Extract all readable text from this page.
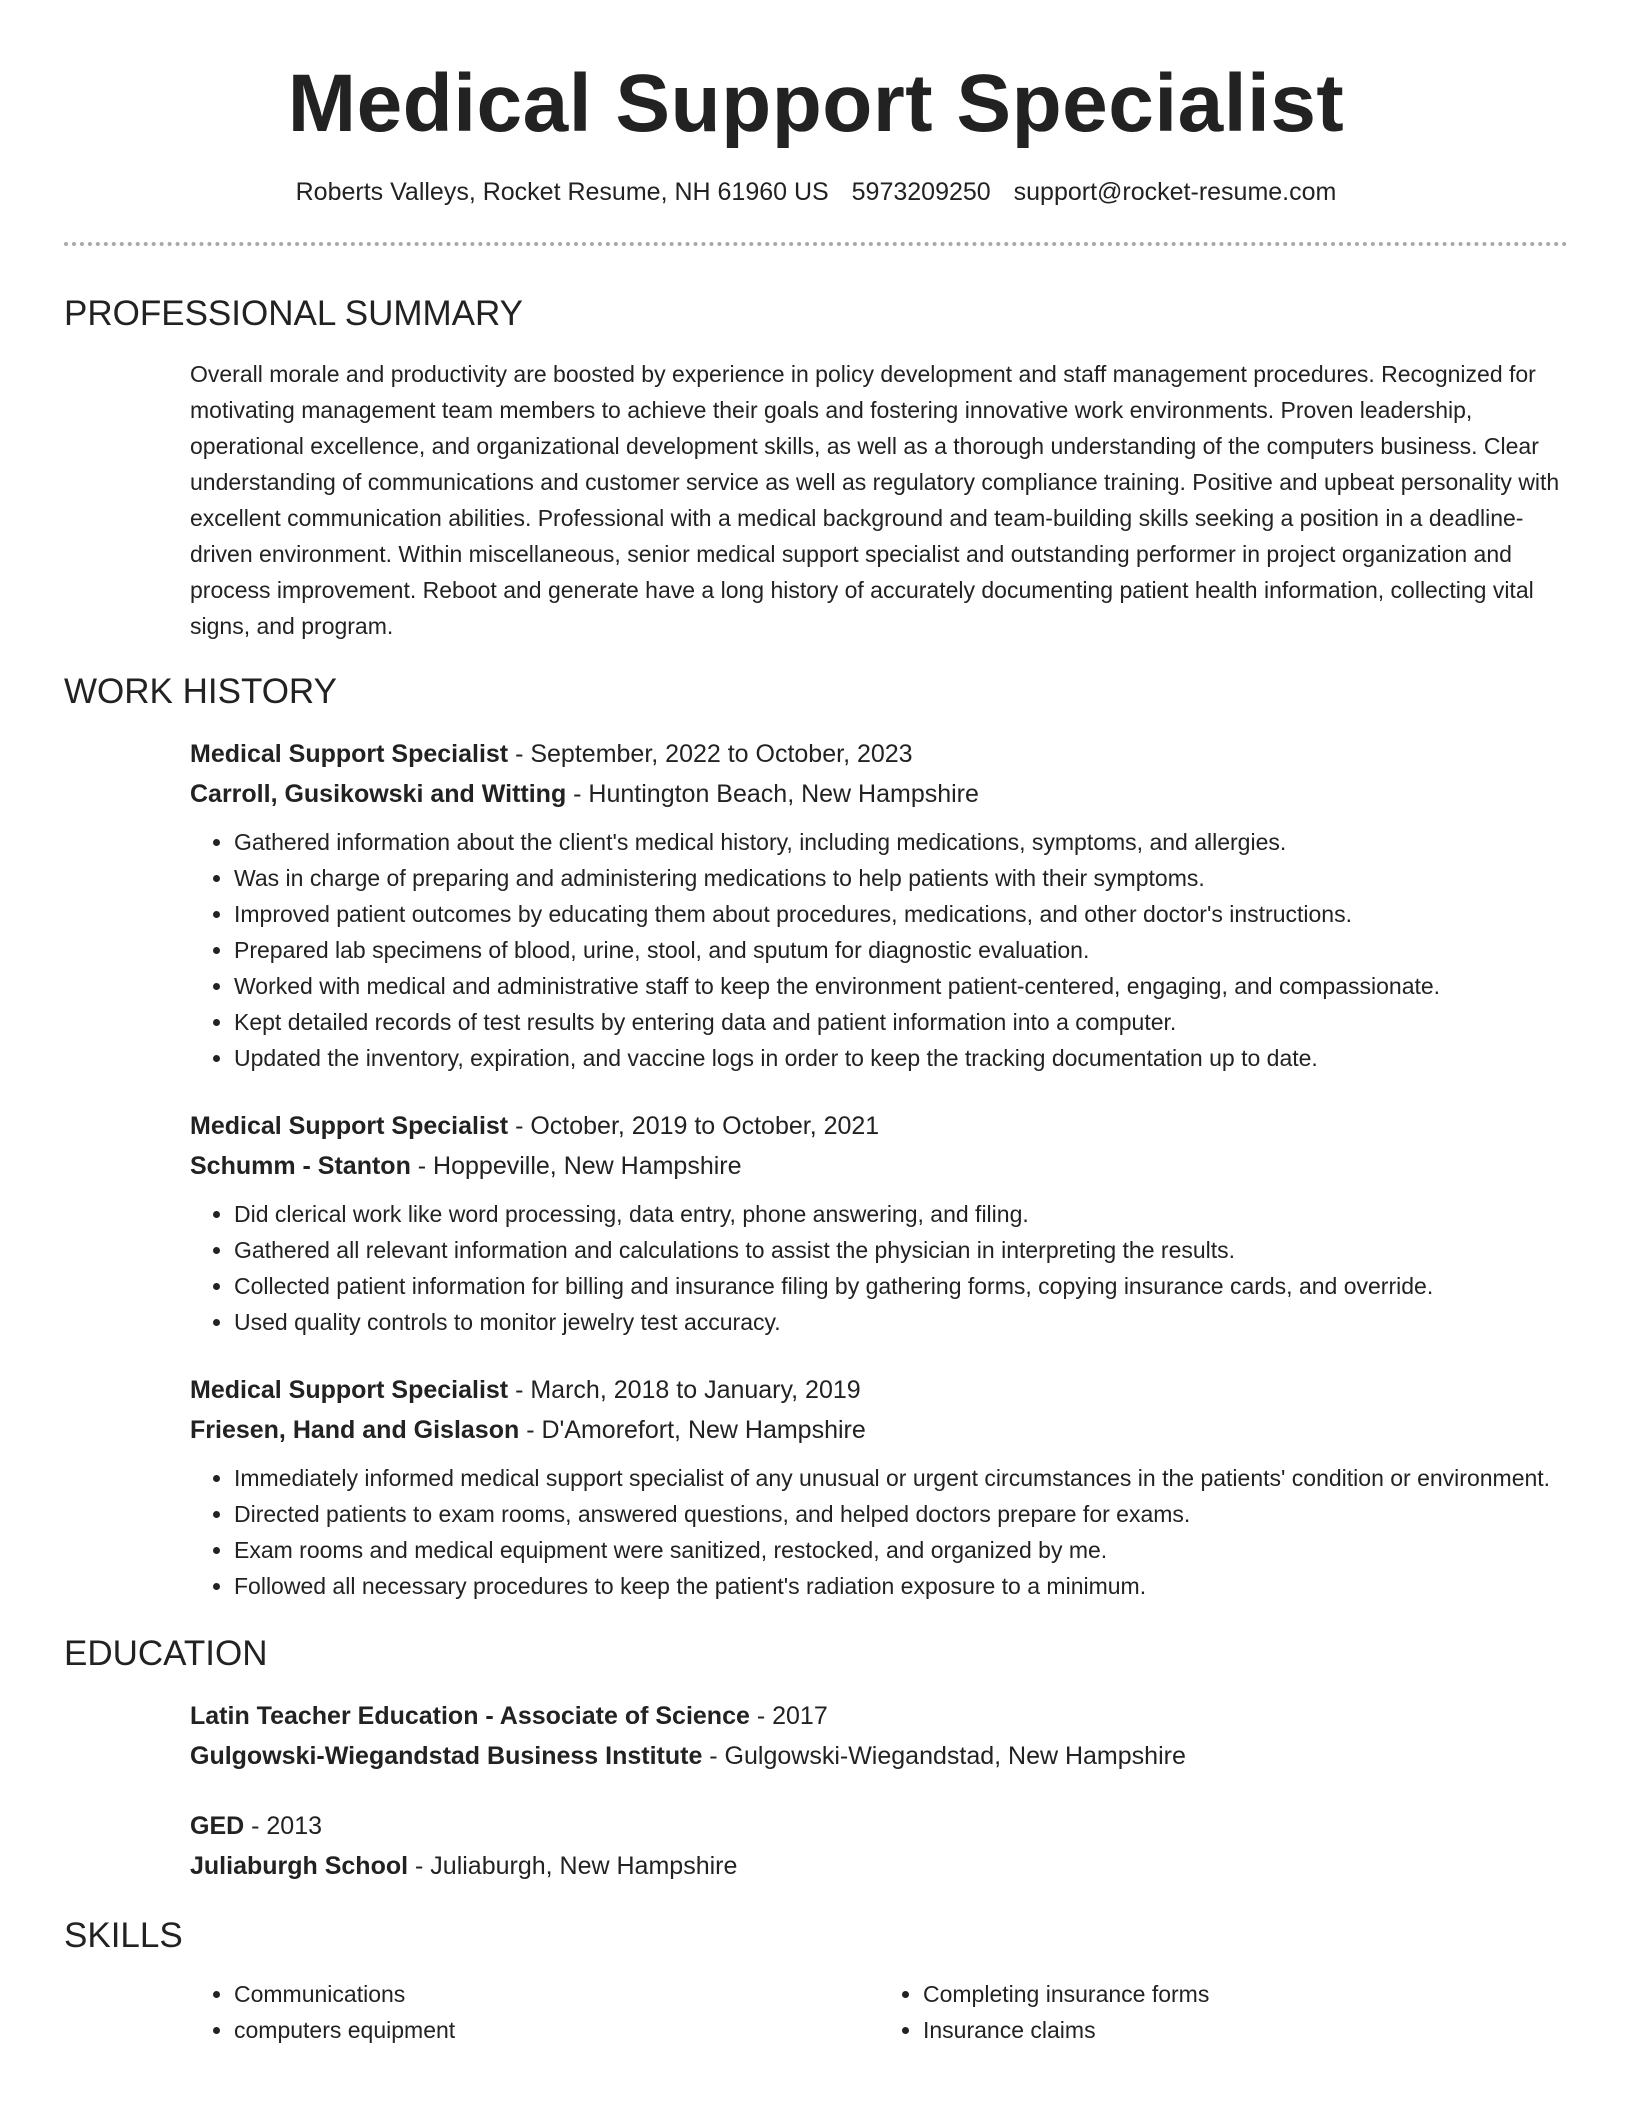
Medical Support Specialist
Roberts Valleys, Rocket Resume, NH 61960 US 5973209250 support@rocket-resume.com
PROFESSIONAL SUMMARY

Overall morale and productivity are boosted by experience in policy development and staff management procedures. Recognized for motivating management team members to achieve their goals and fostering innovative work environments. Proven leadership, operational excellence, and organizational development skills, as well as a thorough understanding of the computers business. Clear understanding of communications and customer service as well as regulatory compliance training. Positive and upbeat personality with excellent communication abilities. Professional with a medical background and team-building skills seeking a position in a deadline-driven environment. Within miscellaneous, senior medical support specialist and outstanding performer in project organization and process improvement. Reboot and generate have a long history of accurately documenting patient health information, collecting vital signs, and program.

WORK HISTORY
Medical Support Specialist - September, 2022 to October, 2023
Carroll, Gusikowski and Witting - Huntington Beach, New Hampshire
• Gathered information about the client's medical history, including medications, symptoms, and allergies.
• Was in charge of preparing and administering medications to help patients with their symptoms.
• Improved patient outcomes by educating them about procedures, medications, and other doctor's instructions.
• Prepared lab specimens of blood, urine, stool, and sputum for diagnostic evaluation.
• Worked with medical and administrative staff to keep the environment patient-centered, engaging, and compassionate.
• Kept detailed records of test results by entering data and patient information into a computer.
• Updated the inventory, expiration, and vaccine logs in order to keep the tracking documentation up to date.
Medical Support Specialist - October, 2019 to October, 2021
Schumm - Stanton - Hoppeville, New Hampshire
• Did clerical work like word processing, data entry, phone answering, and filing.
• Gathered all relevant information and calculations to assist the physician in interpreting the results.
• Collected patient information for billing and insurance filing by gathering forms, copying insurance cards, and override.
• Used quality controls to monitor jewelry test accuracy.
Medical Support Specialist - March, 2018 to January, 2019
Friesen, Hand and Gislason - D'Amorefort, New Hampshire
• Immediately informed medical support specialist of any unusual or urgent circumstances in the patients' condition or environment.
• Directed patients to exam rooms, answered questions, and helped doctors prepare for exams.
• Exam rooms and medical equipment were sanitized, restocked, and organized by me.
• Followed all necessary procedures to keep the patient's radiation exposure to a minimum.
EDUCATION
Latin Teacher Education - Associate of Science - 2017
Gulgowski-Wiegandstad Business Institute - Gulgowski-Wiegandstad, New Hampshire
GED - 2013
Juliaburgh School - Juliaburgh, New Hampshire
SKILLS
• Communications
• computers equipment
• Completing insurance forms
• Insurance claims
